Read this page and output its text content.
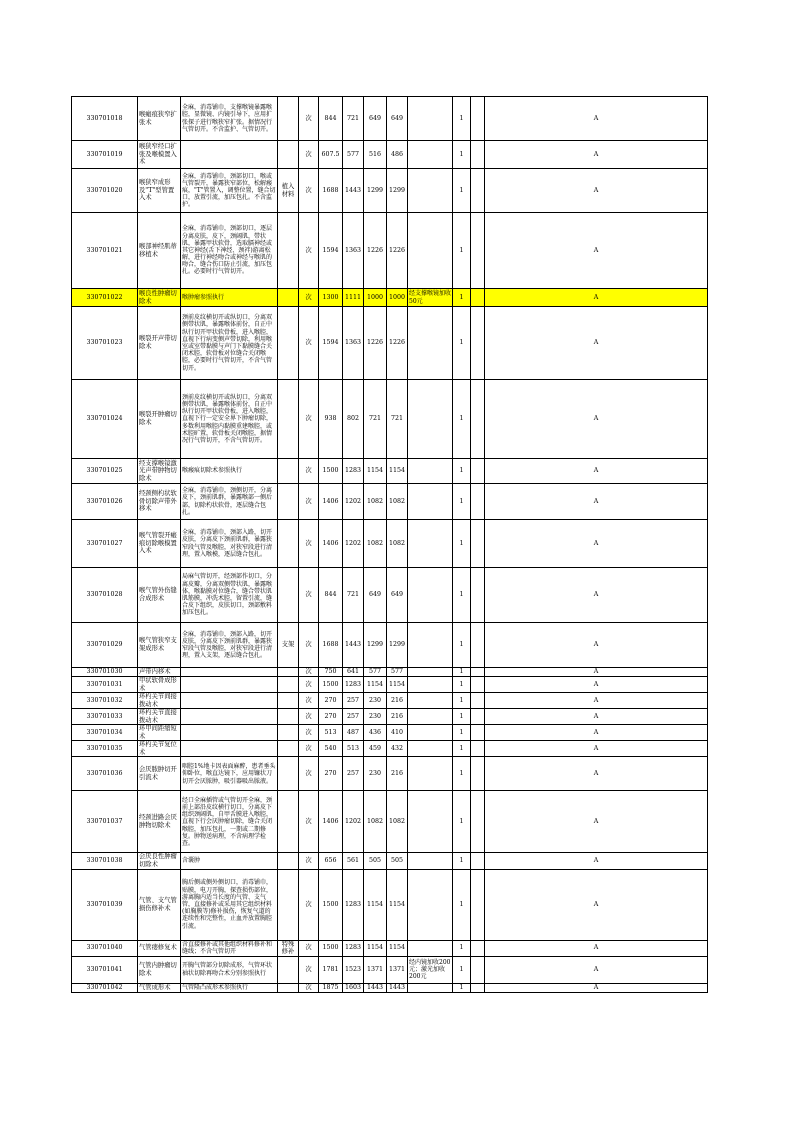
330701018	喉瘢痕狭窄扩张术	全麻，消毒铺巾，支撑喉镜暴露喉腔，显微镜、内镜引导下，应用扩张探子进行喉狭窄扩张。据情况行气管切开。不含监护、气管切开。		次	844	721	649	649		1		A
330701019	喉狭窄经口扩张及喉模置入术			次	607.5	577	516	486		1		A
330701020	喉狭窄成形及"T"型管置入术	全麻，消毒铺巾，颈部切口，喉或气管裂开，暴露狭窄部位，松解瘢痕，"T"管置入，调整位置，缝合切口，放置引流，加压包扎。不含监护。	植入材料	次	1688	1443	1299	1299		1		A
330701021	喉部神经肌蒂移植术	全麻，消毒铺巾，颈部切口，逐层分离皮肤，皮下，颈阔肌，带状肌，暴露甲状软骨，选取膈神经或其它神经(舌下神经、颈袢)游离松解，进行神经吻合或神经与喉肌的吻合，缝合伤口防止引流，加压包扎。必要时行气管切开。		次	1594	1363	1226	1226		1		A
330701022	喉良性肿瘤切除术	喉肿瘤参照执行		次	1300	1111	1000	1000	经支撑喉镜加收50元	1		A
330701023	喉裂开声带切除术	颈前皮纹横切开或纵切口，分离双侧带状肌，暴露喉体前份，自正中纵行切开甲状软骨板，进入喉腔，直视下行病变侧声带切除，利用喉室或室带黏膜与声门下黏膜缝合关闭术腔，软骨板对位缝合关闭喉腔，必要时行气管切开，不含气管切开。		次	1594	1363	1226	1226		1		A
330701024	喉裂开肿瘤切除术	颈前皮纹横切开或纵切口，分离双侧带状肌，暴露喉体前份，自正中纵行切开甲状软骨板，进入喉腔，直视下行一定安全界下肿瘤切除，多数利用喉腔内黏膜重建喉腔，或术腔旷置，软骨板关闭喉腔，据情况行气管切开，不含气管切开。		次	938	802	721	721		1		A
330701025	经支撑喉镜激光声带肿物切除术	喉瘢痕切除术参照执行		次	1500	1283	1154	1154		1		A
330701026	经颈侧杓状软骨切除声带外移术	全麻，消毒铺巾，颈侧切开，分离皮下，颈前肌群，暴露喉部一侧后部，切除杓状软骨，逐层缝合包扎。		次	1406	1202	1082	1082		1		A
330701027	喉气管裂开瘢痕切除喉模置入术	全麻，消毒铺巾，颈部入路，切开皮肤，分离皮下颈前肌群，暴露狭窄段气管及喉腔，对狭窄段进行清理，置入喉模，逐层缝合包扎。		次	1406	1202	1082	1082		1		A
330701028	喉气管外伤缝合成形术	局麻气管切开，经颈部作切口，分离皮瓣，分离双侧带状肌，暴露喉体，喉黏膜对位缝合，缝合带状肌肌筋膜，冲洗术腔，留置引流，缝合皮下组织，皮肤切口，颈部敷料加压包扎。		次	844	721	649	649		1		A
330701029	喉气管狭窄支架成形术	全麻，消毒铺巾，颈部入路，切开皮肤，分离皮下颈前肌群，暴露狭窄段气管及喉腔，对狭窄段进行清理，置入支架，逐层缝合包扎。	支架	次	1688	1443	1299	1299		1		A
330701030	声带内移术			次	750	641	577	577		1		A
330701031	甲状软骨成形术			次	1500	1283	1154	1154		1		A
330701032	环杓关节间接拨动术			次	270	257	230	216		1		A
330701033	环杓关节直接拨动术			次	270	257	230	216		1		A
330701034	环甲间距缩短术			次	513	487	436	410		1		A
330701035	环杓关节复位术			次	540	513	459	432		1		A
330701036	会厌脓肿切开引流术	咽腔1%地卡因表面麻醉，患者垂头仰卧位，喉直达镜下，应用镰状刀切开会厌脓肿，吸引器吸出脓液。		次	270	257	230	216		1		A
330701037	经颈进路会厌肿物切除术	经口全麻插管或气管切开全麻，颈前上部沿皮纹横行切口，分离皮下组织颈阔肌，自甲舌膜进入喉腔，直视下行会厌肿瘤切除，缝合关闭喉腔，加压包扎，一期或二期修复。肿物送病理，不含病理学检查。		次	1406	1202	1082	1082		1		A
330701038	会厌良性肿瘤切除术	含囊肿		次	656	561	505	505		1		A
330701039	气管、支气管损伤修补术	胸后侧或侧外侧切口，消毒铺巾，贴膜，电刀开胸，探查损伤部位，游离胸内适当长度的气管、支气管，直接修补或采用其它组织材料(如胸膜等)修补损伤，恢复气道的连续性和完整性，止血并放置胸腔引流。		次	1500	1283	1154	1154		1		A
330701040	气管瘘修复术	含直接修补或其他组织材料修补和缝线；不含气管切开	特殊修补	次	1500	1283	1154	1154		1		A
330701041	气管内肿瘤切除术	开胸气管部分切除成形，气管环状袖状切除再吻合术分别参照执行		次	1781	1523	1371	1371	经内镜加收200元；激光加收200元	1		A
330701042	气管成形术	气管隆凸成形术参照执行		次	1875	1603	1443	1443		1		A
